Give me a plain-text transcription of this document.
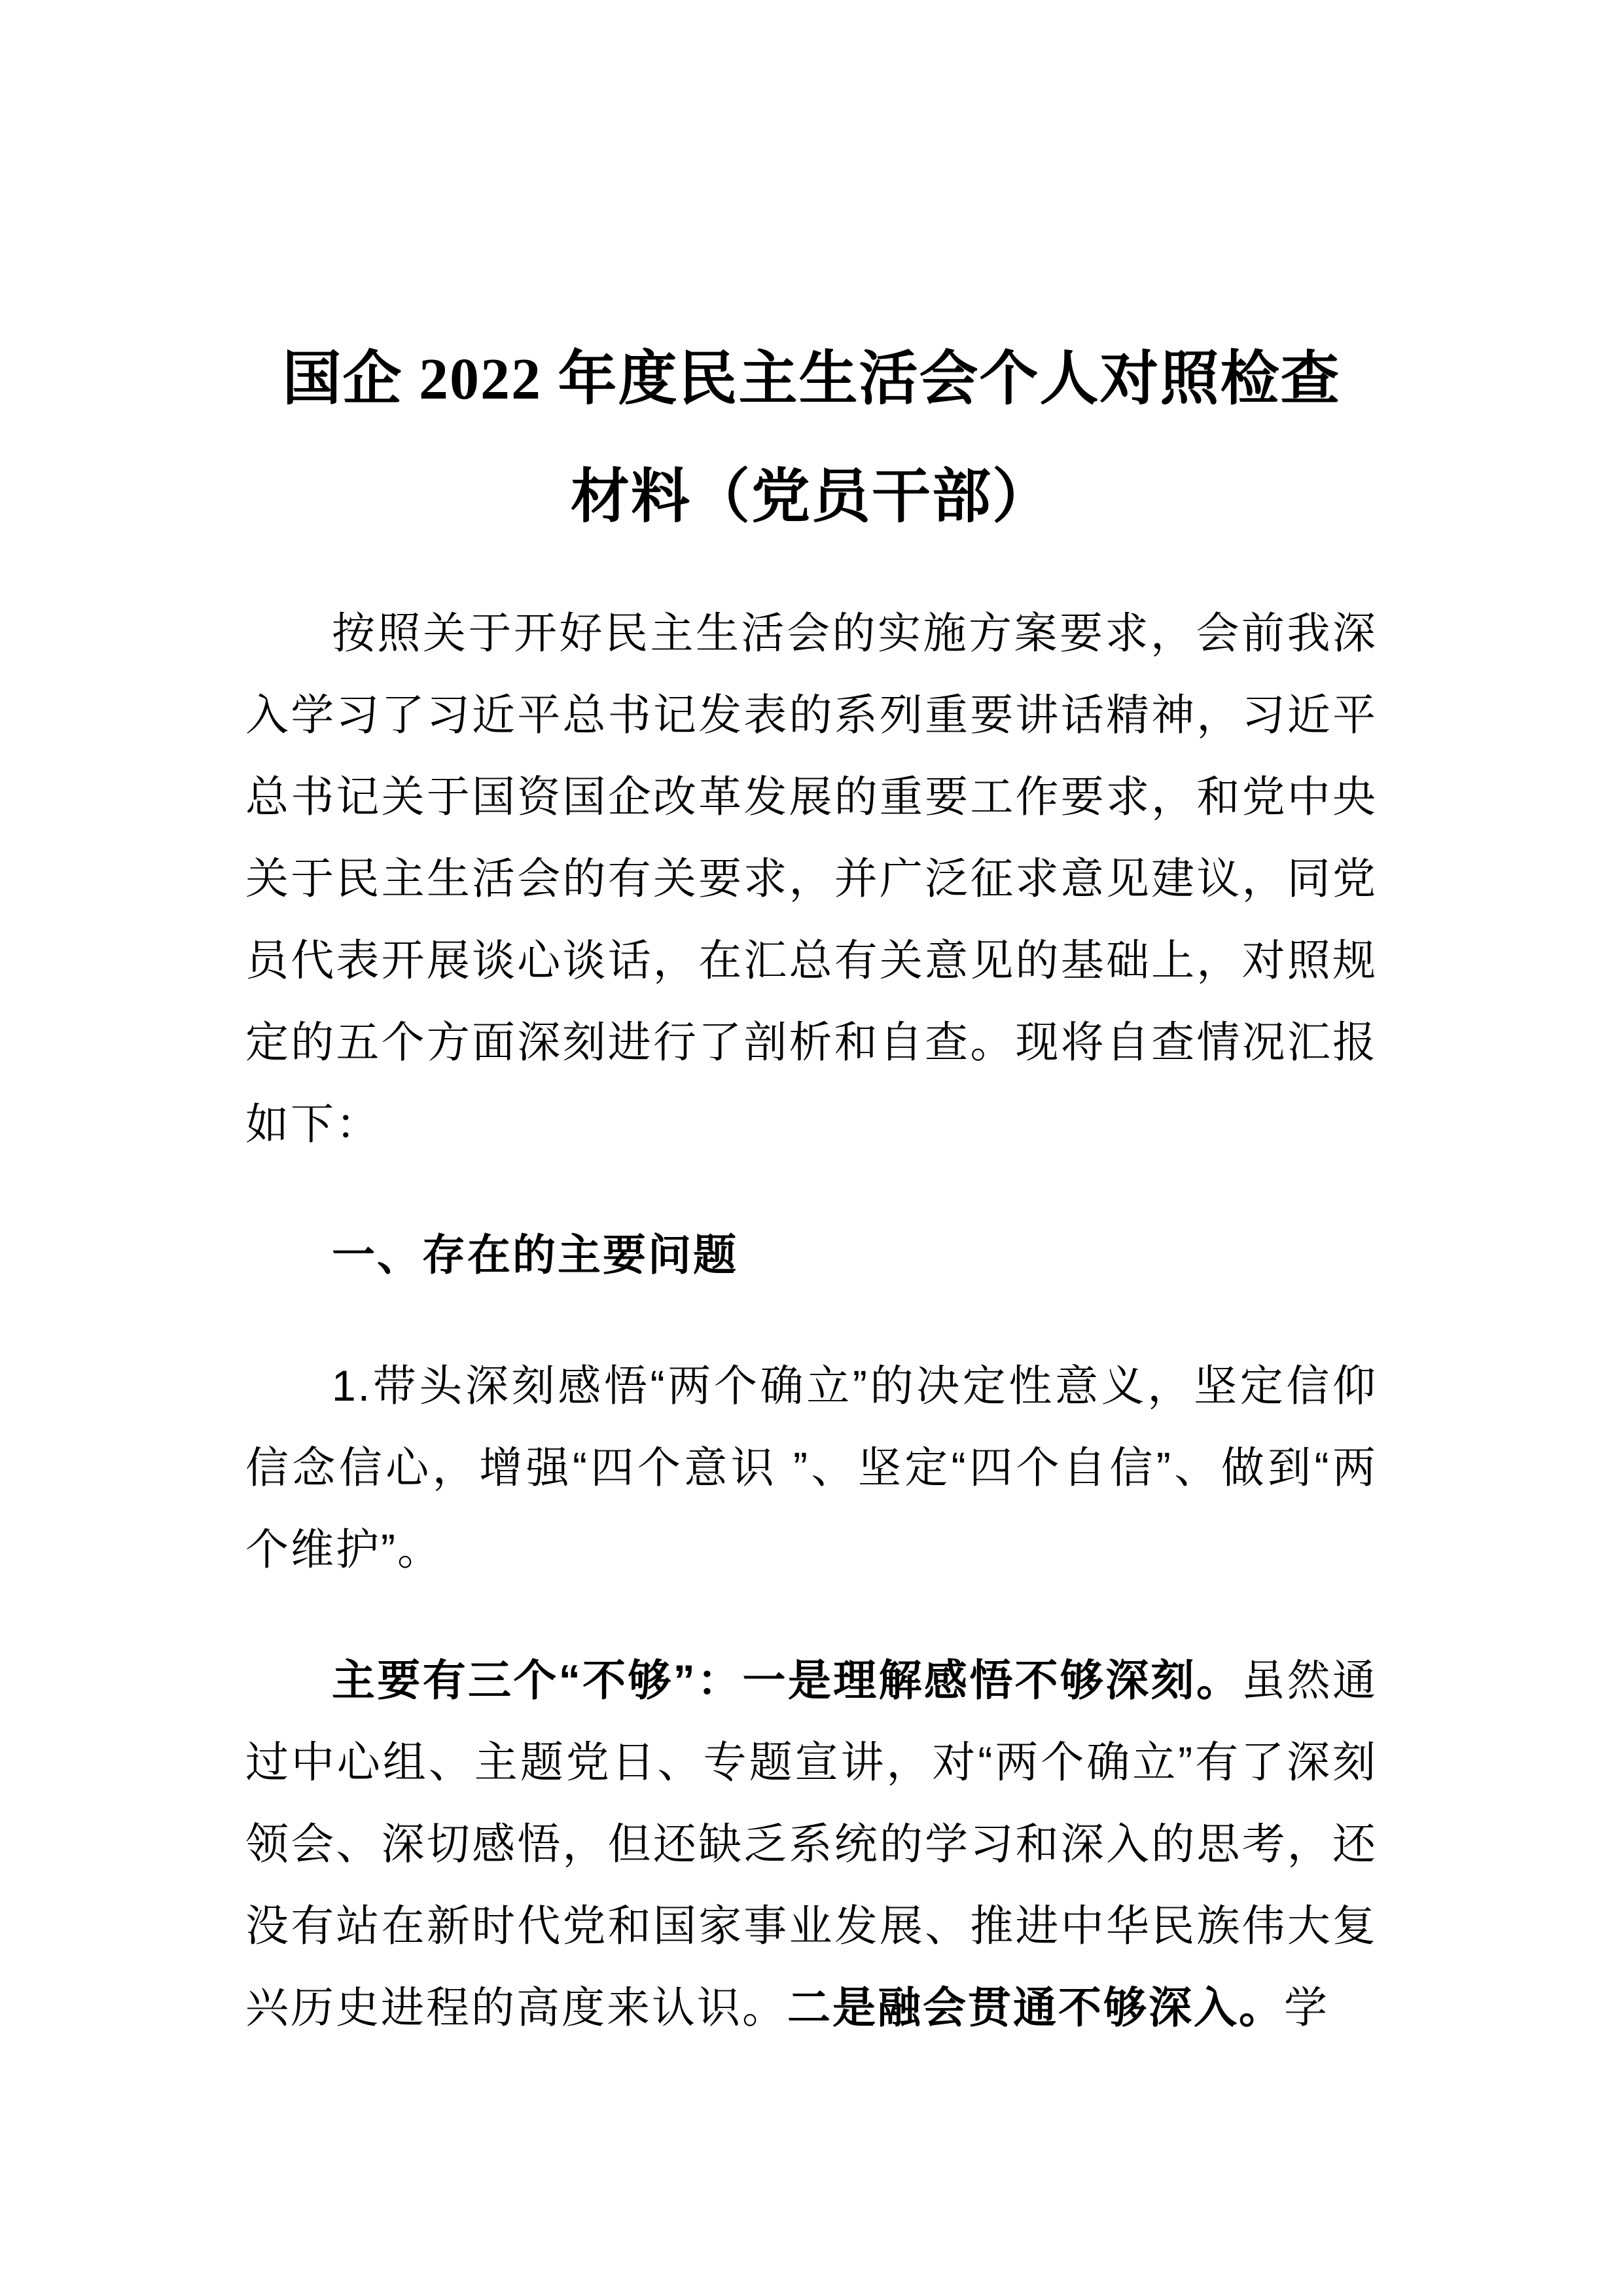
国企 2022 年度民主生活会个人对照检查
材料（党员干部）

按照关于开好民主生活会的实施方案要求，会前我深入学习了习近平总书记发表的系列重要讲话精神，习近平总书记关于国资国企改革发展的重要工作要求，和党中央关于民主生活会的有关要求，并广泛征求意见建议，同党员代表开展谈心谈话，在汇总有关意见的基础上，对照规定的五个方面深刻进行了剖析和自查。现将自查情况汇报如下：

一、存在的主要问题

1.带头深刻感悟“两个确立”的决定性意义，坚定信仰信念信心，增强“四个意识 ”、坚定“四个自信”、做到“两个维护”。

主要有三个“不够”：一是理解感悟不够深刻。虽然通过中心组、主题党日、专题宣讲，对“两个确立”有了深刻领会、深切感悟，但还缺乏系统的学习和深入的思考，还没有站在新时代党和国家事业发展、推进中华民族伟大复兴历史进程的高度来认识。二是融会贯通不够深入。学
